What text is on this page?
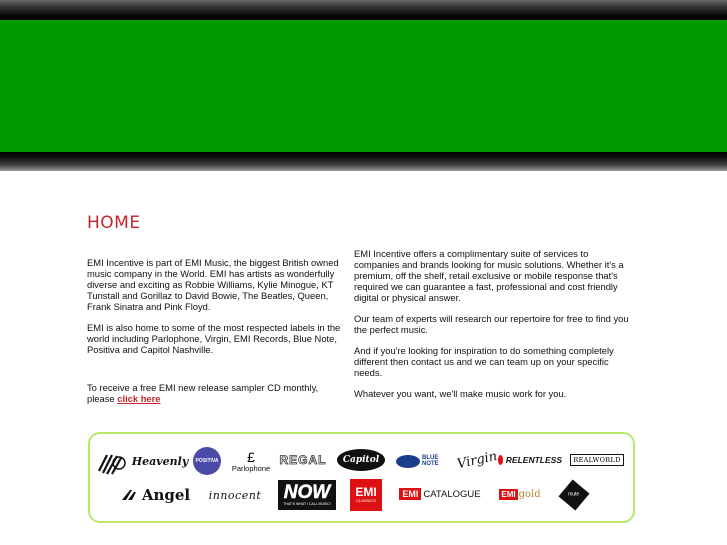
HOME

EMI Incentive is part of EMI Music, the biggest British owned music company in the World. EMI has artists as wonderfully diverse and exciting as Robbie Williams, Kylie Minogue, KT Tunstall and Gorillaz to David Bowie, The Beatles, Queen, Frank Sinatra and Pink Floyd.

EMI is also home to some of the most respected labels in the world including Parlophone, Virgin, EMI Records, Blue Note, Positiva and Capitol Nashville.

To receive a free EMI new release sampler CD monthly, please click here

EMI Incentive offers a complimentary suite of services to companies and brands looking for music solutions. Whether it's a premium, off the shelf, retail exclusive or mobile response that's required we can guarantee a fast, professional and cost friendly digital or physical answer.

Our team of experts will research our repertoire for free to find you the perfect music.

And if you're looking for inspiration to do something completely different then contact us and we can team up on your specific needs.

Whatever you want, we'll make music work for you.

Heavenly POSITIVA £
Parlophone
REGAL Capitol	BLUE NOTE	Virgin RELENTLESS	REALWORLD
Angel innocent NOW
THAT'S WHAT I CALL MUSIC!
EMI
CLASSICS
EMI CATALOGUE	EMI gold	mute
